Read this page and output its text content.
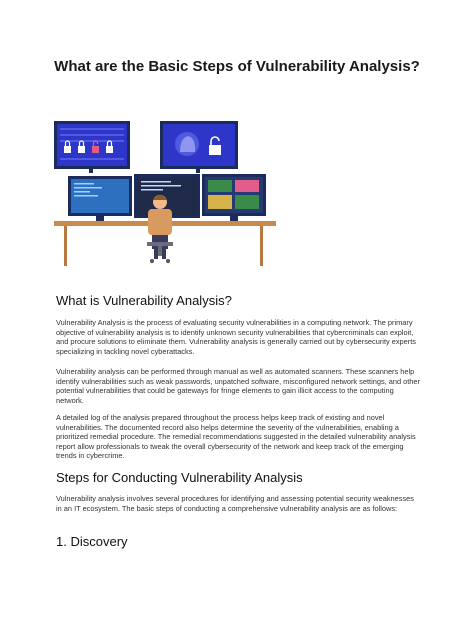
What are the Basic Steps of Vulnerability Analysis?
What is Vulnerability Analysis?
Vulnerability Analysis is the process of evaluating security vulnerabilities in a computing network. The primary objective of vulnerability analysis is to identify unknown security vulnerabilities that cybercriminals can exploit, and procure solutions to eliminate them. Vulnerability analysis is generally carried out by cybersecurity experts specializing in tackling novel cyberattacks.
Vulnerability analysis can be performed through manual as well as automated scanners. These scanners help identify vulnerabilities such as weak passwords, unpatched software, misconfigured network settings, and other potential vulnerabilities that could be gateways for fringe elements to gain illicit access to the computing network.
A detailed log of the analysis prepared throughout the process helps keep track of existing and novel vulnerabilities. The documented record also helps determine the severity of the vulnerabilities, enabling a prioritized remedial procedure. The remedial recommendations suggested in the detailed vulnerability analysis report allow professionals to tweak the overall cybersecurity of the network and keep track of the emerging trends in cybercrime.
Steps for Conducting Vulnerability Analysis
Vulnerability analysis involves several procedures for identifying and assessing potential security weaknesses in an IT ecosystem. The basic steps of conducting a comprehensive vulnerability analysis are as follows:
1. Discovery
